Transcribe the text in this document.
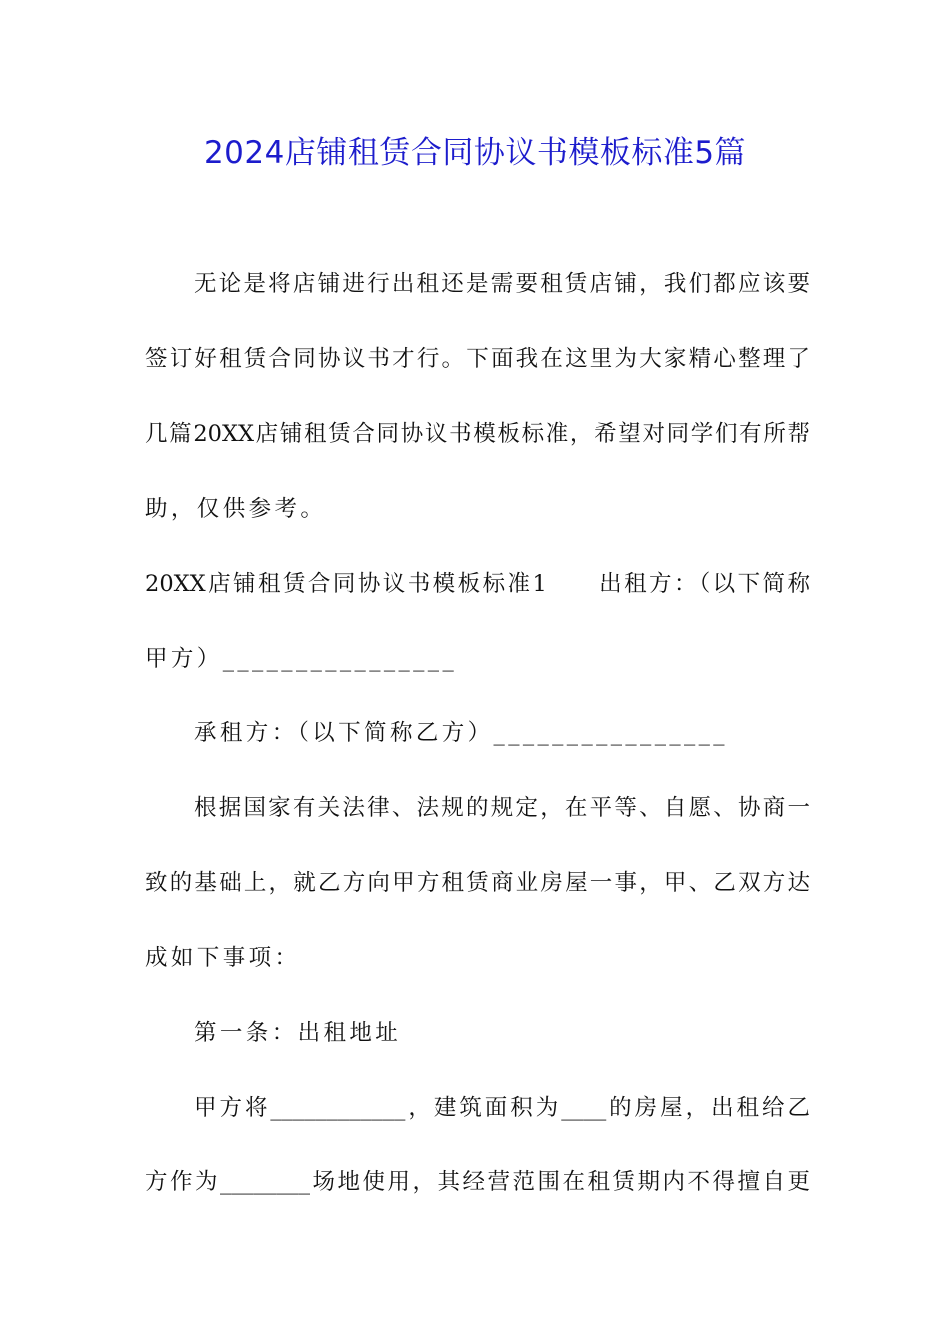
2024店铺租赁合同协议书模板标准5篇
无论是将店铺进行出租还是需要租赁店铺，我们都应该要
签订好租赁合同协议书才行。下面我在这里为大家精心整理了
几篇20XX店铺租赁合同协议书模板标准，希望对同学们有所帮
助，仅供参考。
20XX店铺租赁合同协议书模板标准1　　出租方：（以下简称
甲方）________________
承租方：（以下简称乙方）________________
根据国家有关法律、法规的规定，在平等、自愿、协商一
致的基础上，就乙方向甲方租赁商业房屋一事，甲、乙双方达
成如下事项：
第一条：出租地址
甲方将____________，建筑面积为____的房屋，出租给乙
方作为________场地使用，其经营范围在租赁期内不得擅自更
